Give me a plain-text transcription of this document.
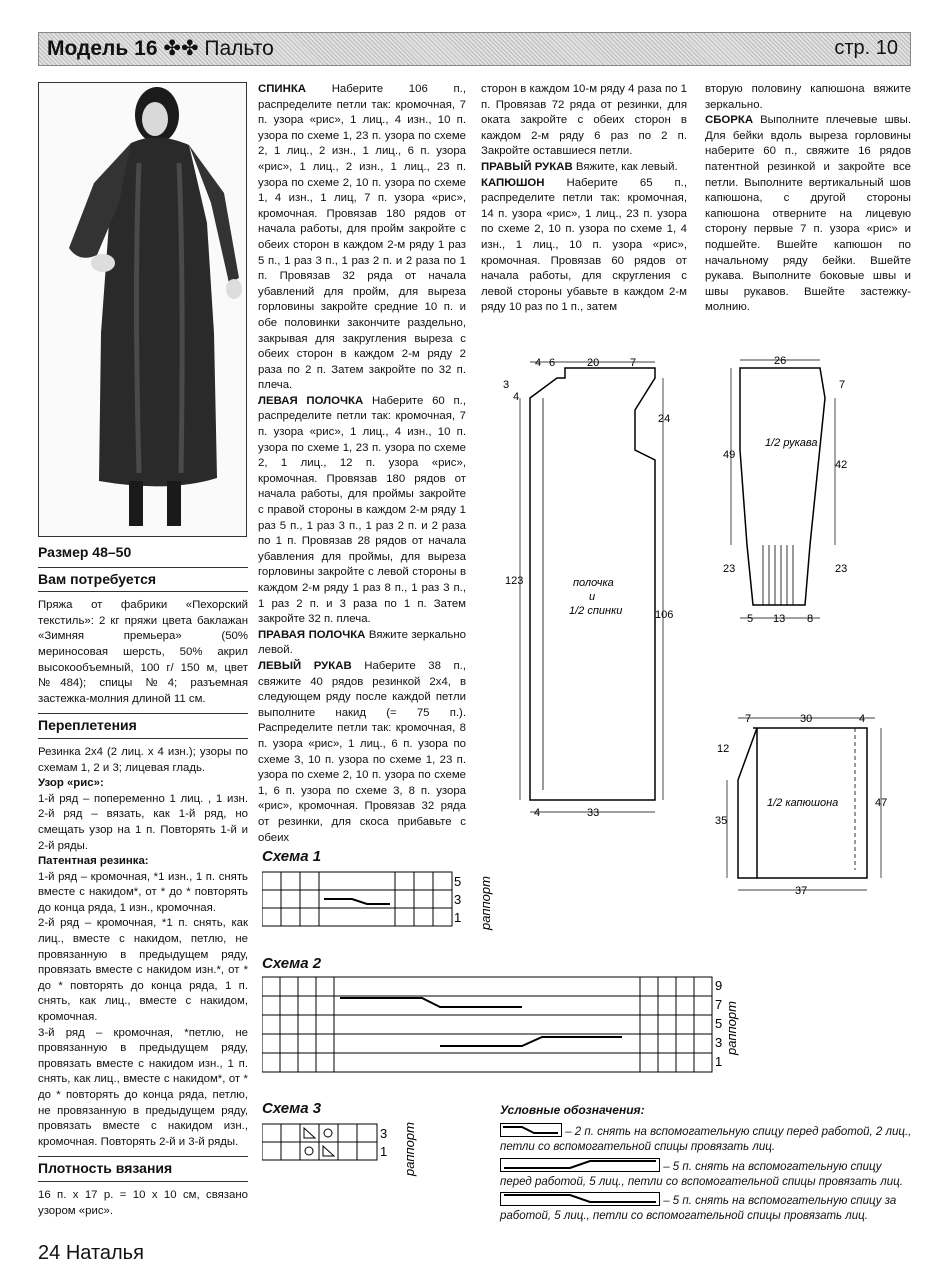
Модель 16 ✤✤ Пальто	стр. 10
Размер 48–50
Вам потребуется

Пряжа от фабрики «Пехорский текстиль»: 2 кг пряжи цвета баклажан «Зимняя премьера» (50% мериносовая шерсть, 50% акрил высокообъемный, 100 г/ 150 м, цвет №484); спицы №4; разъемная застежка-молния длиной 11 см.

Переплетения

Резинка 2x4 (2 лиц. x 4 изн.); узоры по схемам 1, 2 и 3; лицевая гладь.

Узор «рис»:

1-й ряд – попеременно 1 лиц. , 1 изн. 2-й ряд – вязать, как 1-й ряд, но смещать узор на 1 п. Повторять 1-й и 2-й ряды.

Патентная резинка:

1-й ряд – кромочная, *1 изн., 1 п. снять вместе с накидом*, от * до * повторять до конца ряда, 1 изн., кромочная.

2-й ряд – кромочная, *1 п. снять, как лиц., вместе с накидом, петлю, не провязанную в предыдущем ряду, провязать вместе с накидом изн.*, от * до * повторять до конца ряда, 1 п. снять, как лиц., вместе с накидом, кромочная.

3-й ряд – кромочная, *петлю, не провязанную в предыдущем ряду, провязать вместе с накидом изн., 1 п. снять, как лиц., вместе с накидом*, от * до * повторять до конца ряда, петлю, не провязанную в предыдущем ряду, провязать вместе с накидом изн., кромочная. Повторять 2-й и 3-й ряды.

Плотность вязания

16 п. x 17 р. = 10 x 10 см, связано узором «рис».

СПИНКА Наберите 106 п., распределите петли так: кромочная, 7 п. узора «рис», 1 лиц., 4 изн., 10 п. узора по схеме 1, 23 п. узора по схеме 2, 1 лиц., 2 изн., 1 лиц., 6 п. узора «рис», 1 лиц., 2 изн., 1 лиц., 23 п. узора по схеме 2, 10 п. узора по схеме 1, 4 изн., 1 лиц, 7 п. узора «рис», кромочная. Провязав 180 рядов от начала работы, для пройм закройте с обеих сторон в каждом 2-м ряду 1 раз 5 п., 1 раз 3 п., 1 раз 2 п. и 2 раза по 1 п. Провязав 32 ряда от начала убавлений для пройм, для выреза горловины закройте средние 10 п. и обе половинки закончите раздельно, закрывая для закругления выреза с обеих сторон в каждом 2-м ряду 2 раза по 2 п. Затем закройте по 32 п. плеча.

ЛЕВАЯ ПОЛОЧКА Наберите 60 п., распределите петли так: кромочная, 7 п. узора «рис», 1 лиц., 4 изн., 10 п. узора по схеме 1, 23 п. узора по схеме 2, 1 лиц., 12 п. узора «рис», кромочная. Провязав 180 рядов от начала работы, для проймы закройте с правой стороны в каждом 2-м ряду 1 раз 5 п., 1 раз 3 п., 1 раз 2 п. и 2 раза по 1 п. Провязав 28 рядов от начала убавления для проймы, для выреза горловины закройте с левой стороны в каждом 2-м ряду 1 раз 8 п., 1 раз 3 п., 1 раз 2 п. и 3 раза по 1 п. Затем закройте 32 п. плеча.

ПРАВАЯ ПОЛОЧКА Вяжите зеркально левой.

ЛЕВЫЙ РУКАВ Наберите 38 п., свяжите 40 рядов резинкой 2x4, в следующем ряду после каждой петли выполните накид (= 75 п.). Распределите петли так: кромочная, 8 п. узора «рис», 1 лиц., 6 п. узора по схеме 3, 10 п. узора по схеме 1, 23 п. узора по схеме 2, 10 п. узора по схеме 1, 6 п. узора по схеме 3, 8 п. узора «рис», кромочная. Провязав 32 ряда от резинки, для скоса прибавьте с обеих

сторон в каждом 10-м ряду 4 раза по 1 п. Провязав 72 ряда от резинки, для оката закройте с обеих сторон в каждом 2-м ряду 6 раз по 2 п. Закройте оставшиеся петли.

ПРАВЫЙ РУКАВ Вяжите, как левый.

КАПЮШОН Наберите 65 п., распределите петли так: кромочная, 14 п. узора «рис», 1 лиц., 23 п. узора по схеме 2, 10 п. узора по схеме 1, 4 изн., 1 лиц., 10 п. узора «рис», кромочная. Провязав 60 рядов от начала работы, для скругления с левой стороны убавьте в каждом 2-м ряду 10 раз по 1 п., затем

вторую половину капюшона вяжите зеркально.

СБОРКА Выполните плечевые швы. Для бейки вдоль выреза горловины наберите 60 п., свяжите 16 рядов патентной резинкой и закройте все петли. Выполните вертикальный шов капюшона, с другой стороны капюшона отверните на лицевую сторону первые 7 п. узора «рис» и подшейте. Вшейте капюшон по начальному ряду бейки. Вшейте рукава. Выполните боковые швы и швы рукавов. Вшейте застежку-молнию.

4 6	20	7
3
4
24
123
106
полочка
и
1/2 спинки
4	33
26
7
49
42
23	23
1/2 рукава
5 13 8
7	30	4
12
35
47
1/2 капюшона
37
Схема 1
5
3
1 раппорт
Схема 2
9
7
5
3
1
раппорт
Схема 3
3
1 раппорт
Условные обозначения:
– 2 п. снять на вспомогательную спицу перед работой, 2 лиц., петли со вспомогательной спицы провязать лиц.
– 5 п. снять на вспомогательную спицу перед работой, 5 лиц., петли со вспомогательной спицы провязать лиц.
– 5 п. снять на вспомогательную спицу за работой, 5 лиц., петли со вспомогательной спицы провязать лиц.
24 Наталья
